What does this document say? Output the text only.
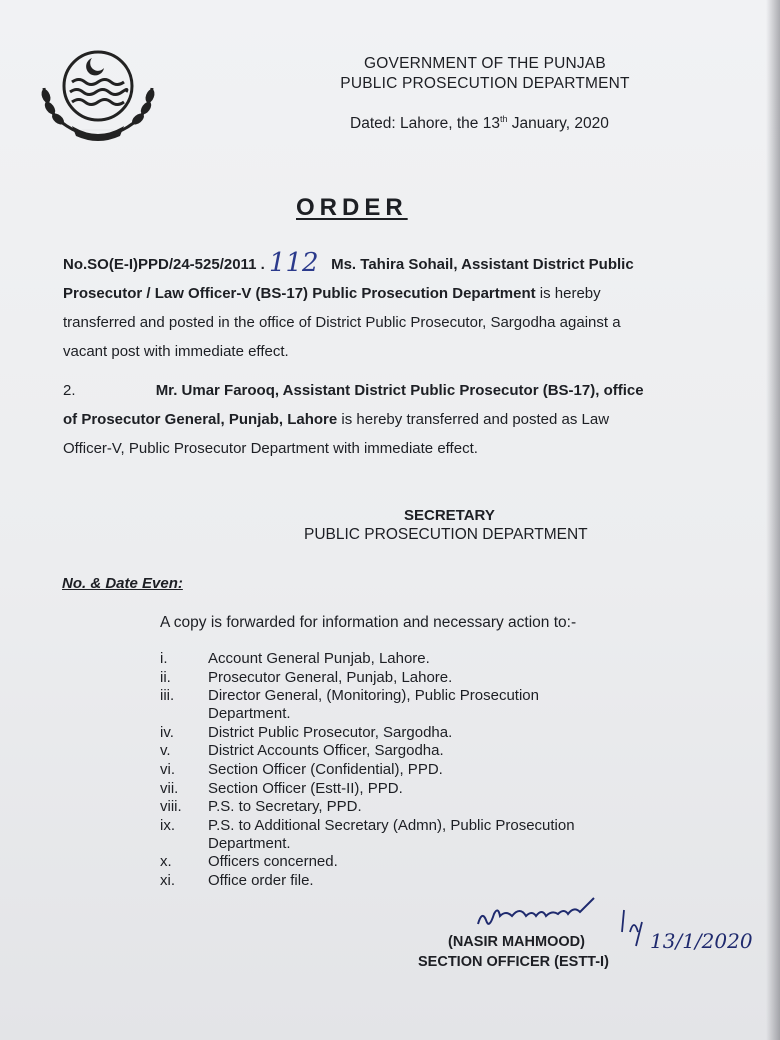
GOVERNMENT OF THE PUNJAB
PUBLIC PROSECUTION DEPARTMENT
Dated: Lahore, the 13th January, 2020
ORDER
No.SO(E-I)PPD/24-525/2011 . 112 Ms. Tahira Sohail, Assistant District Public Prosecutor / Law Officer-V (BS-17) Public Prosecution Department is hereby transferred and posted in the office of District Public Prosecutor, Sargodha against a vacant post with immediate effect.
2.	Mr. Umar Farooq, Assistant District Public Prosecutor (BS-17), office of Prosecutor General, Punjab, Lahore is hereby transferred and posted as Law Officer-V, Public Prosecutor Department with immediate effect.
SECRETARY
PUBLIC PROSECUTION DEPARTMENT
No. & Date Even:
A copy is forwarded for information and necessary action to:-
i.	Account General Punjab, Lahore.
ii.	Prosecutor General, Punjab, Lahore.
iii.	Director General, (Monitoring), Public Prosecution Department.
iv.	District Public Prosecutor, Sargodha.
v.	District Accounts Officer, Sargodha.
vi.	Section Officer (Confidential), PPD.
vii.	Section Officer (Estt-II), PPD.
viii.	P.S. to Secretary, PPD.
ix.	P.S. to Additional Secretary (Admn), Public Prosecution Department.
x.	Officers concerned.
xi.	Office order file.
13/1/2020
(NASIR MAHMOOD)
SECTION OFFICER (ESTT-I)
